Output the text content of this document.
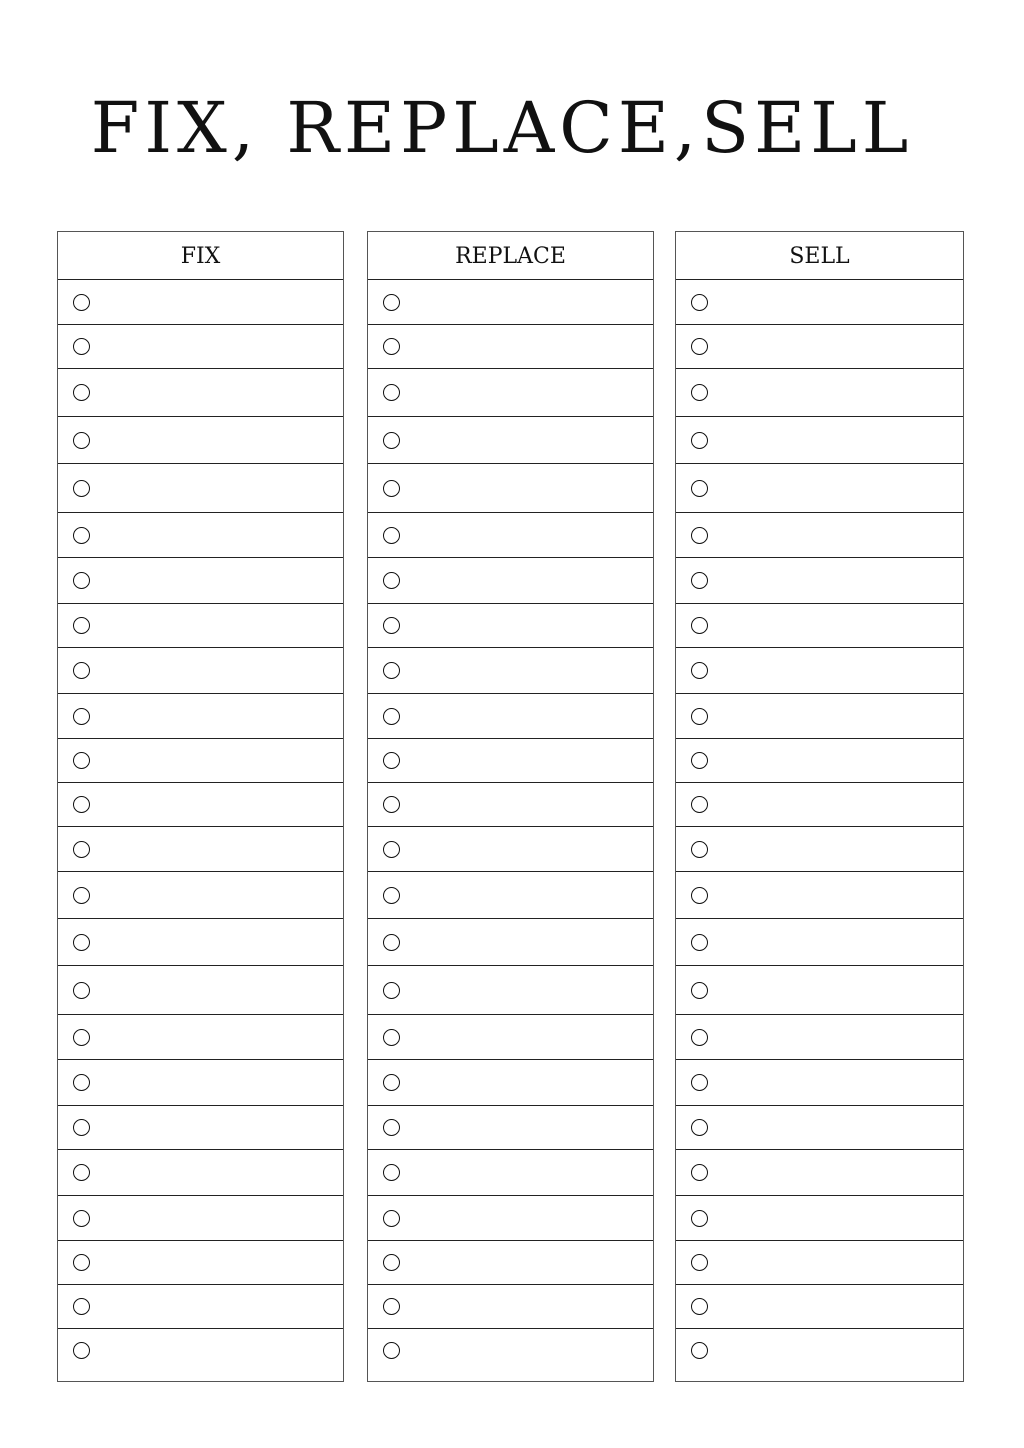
FIX, REPLACE,SELL
FIX	REPLACE	SELL
